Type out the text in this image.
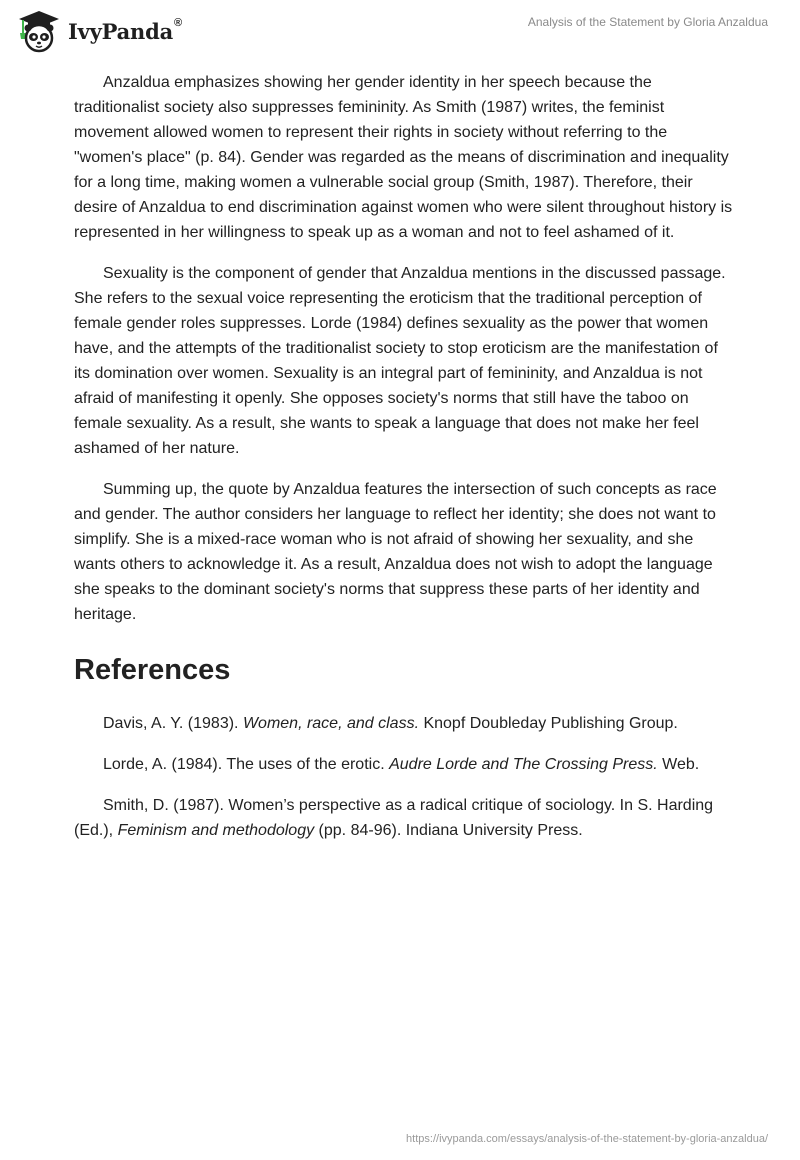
IvyPanda®	Analysis of the Statement by Gloria Anzaldua

Anzaldua emphasizes showing her gender identity in her speech because the traditionalist society also suppresses femininity. As Smith (1987) writes, the feminist movement allowed women to represent their rights in society without referring to the "women's place" (p. 84). Gender was regarded as the means of discrimination and inequality for a long time, making women a vulnerable social group (Smith, 1987). Therefore, their desire of Anzaldua to end discrimination against women who were silent throughout history is represented in her willingness to speak up as a woman and not to feel ashamed of it.

Sexuality is the component of gender that Anzaldua mentions in the discussed passage. She refers to the sexual voice representing the eroticism that the traditional perception of female gender roles suppresses. Lorde (1984) defines sexuality as the power that women have, and the attempts of the traditionalist society to stop eroticism are the manifestation of its domination over women. Sexuality is an integral part of femininity, and Anzaldua is not afraid of manifesting it openly. She opposes society's norms that still have the taboo on female sexuality. As a result, she wants to speak a language that does not make her feel ashamed of her nature.

Summing up, the quote by Anzaldua features the intersection of such concepts as race and gender. The author considers her language to reflect her identity; she does not want to simplify. She is a mixed-race woman who is not afraid of showing her sexuality, and she wants others to acknowledge it. As a result, Anzaldua does not wish to adopt the language she speaks to the dominant society's norms that suppress these parts of her identity and heritage.

References

Davis, A. Y. (1983). Women, race, and class. Knopf Doubleday Publishing Group.

Lorde, A. (1984). The uses of the erotic. Audre Lorde and The Crossing Press. Web.

Smith, D. (1987). Women’s perspective as a radical critique of sociology. In S. Harding (Ed.), Feminism and methodology (pp. 84-96). Indiana University Press.

https://ivypanda.com/essays/analysis-of-the-statement-by-gloria-anzaldua/
